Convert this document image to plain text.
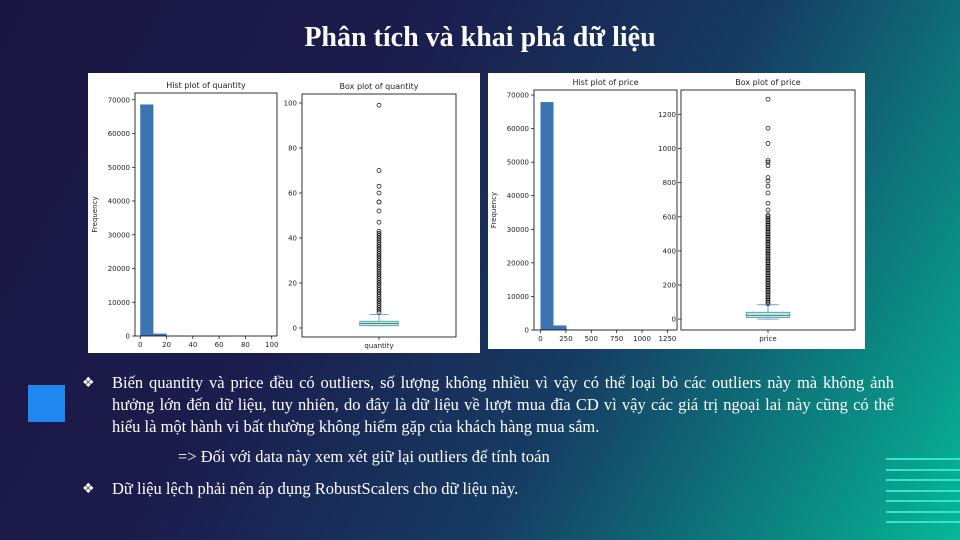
Phân tích và khai phá dữ liệu
Hist plot of quantity
0	20 40 60 80 100
0
10000
20000
30000
40000
50000
60000
70000
Frequency
Box plot of quantity
0
20
40
60
80
100
quantity
Hist plot of price
0 250 500 750 1000 1250
0
10000
20000
30000
40000
50000
60000
70000
Frequency
Box plot of price
0
200
400
600
800
1000
1200
price
❖	Biến quantity và price đều có outliers, số lượng không nhiều vì vậy có thể loại bỏ các outliers này mà không ảnh hưởng lớn đến dữ liệu, tuy nhiên, do đây là dữ liệu về lượt mua đĩa CD vì vậy các giá trị ngoại lai này cũng có thể hiểu là một hành vi bất thường không hiếm gặp của khách hàng mua sắm.
=> Đối với data này xem xét giữ lại outliers để tính toán
❖	Dữ liệu lệch phải nên áp dụng RobustScalers cho dữ liệu này.
